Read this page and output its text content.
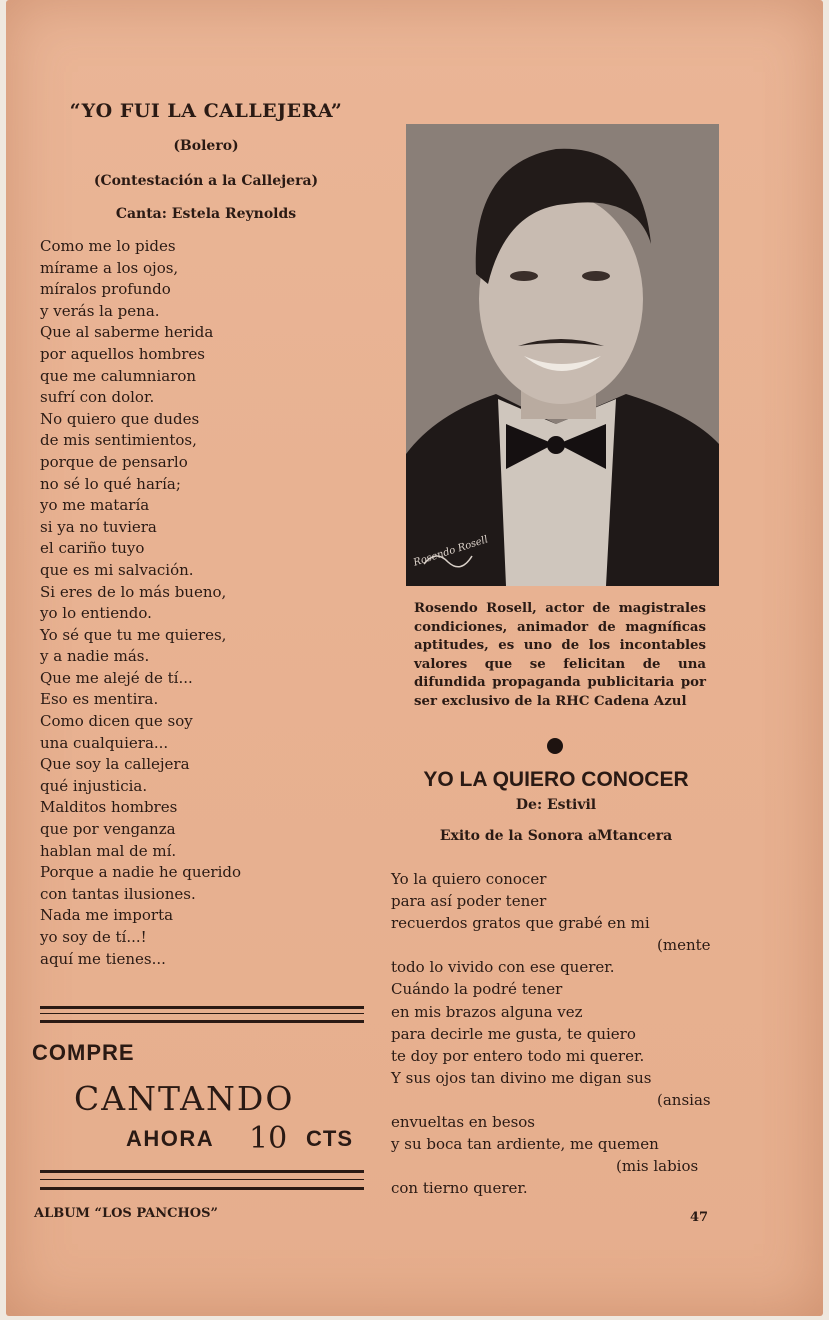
“YO FUI LA CALLEJERA”
(Bolero)
(Contestación a la Callejera)
Canta: Estela Reynolds
Como me lo pides
mírame a los ojos,
míralos profundo
y verás la pena.
Que al saberme herida
por aquellos hombres
que me calumniaron
sufrí con dolor.
No quiero que dudes
de mis sentimientos,
porque de pensarlo
no sé lo qué haría;
yo me mataría
si ya no tuviera
el cariño tuyo
que es mi salvación.
Si eres de lo más bueno,
yo lo entiendo.
Yo sé que tu me quieres,
y a nadie más.
Que me alejé de tí...
Eso es mentira.
Como dicen que soy
una cualquiera...
Que soy la callejera
qué injusticia.
Malditos hombres
que por venganza
hablan mal de mí.
Porque a nadie he querido
con tantas ilusiones.
Nada me importa
yo soy de tí...!
aquí me tienes...
COMPRE
CANTANDO
AHORA 10 CTS
ALBUM “LOS PANCHOS”	47
Rosendo Rosell
Rosendo Rosell, actor de magistrales condiciones, animador de magníficas aptitudes, es uno de los incontables valores que se felicitan de una difundida propaganda publicitaria por ser exclusivo de la RHC Cadena Azul
YO LA QUIERO CONOCER
De: Estivil
Exito de la Sonora aMtancera
Yo la quiero conocer
para así poder tener
recuerdos gratos que grabé en mi
(mente
todo lo vivido con ese querer.
Cuándo la podré tener
en mis brazos alguna vez
para decirle me gusta, te quiero
te doy por entero todo mi querer.
Y sus ojos tan divino me digan sus
(ansias
envueltas en besos
y su boca tan ardiente, me quemen
(mis labios
con tierno querer.
